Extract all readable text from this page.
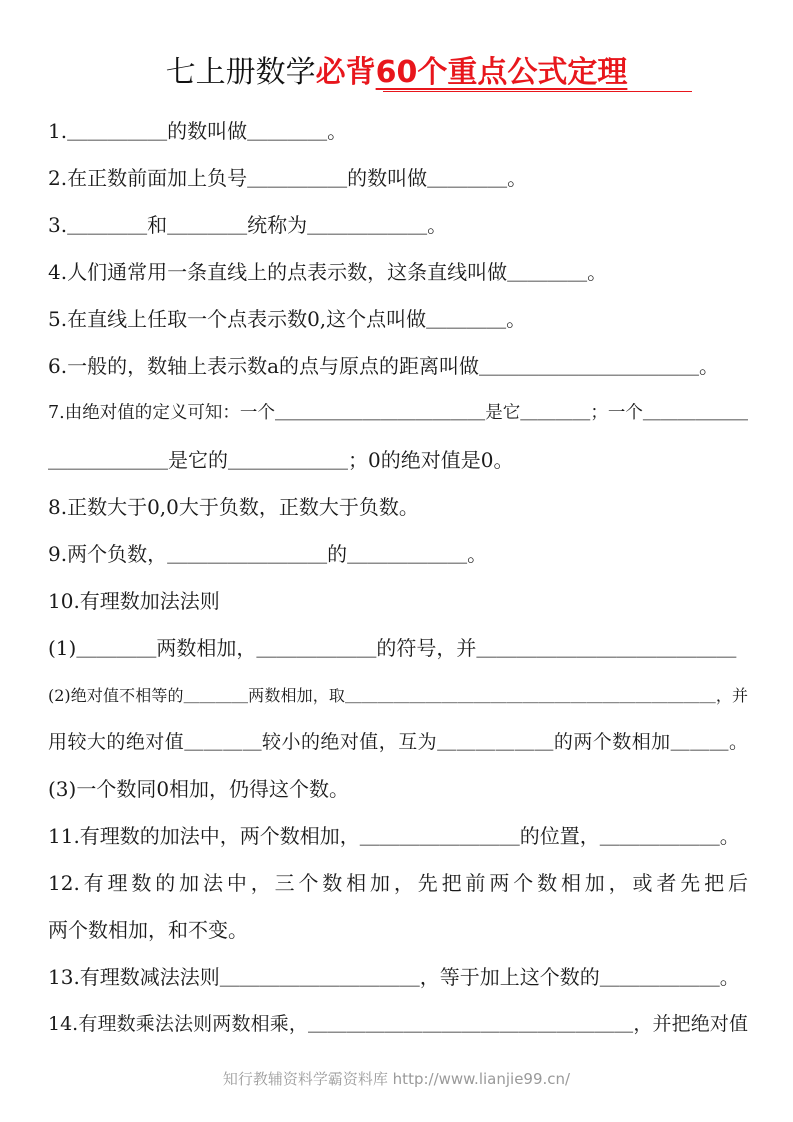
七上册数学必背60个重点公式定理
1.＿＿＿＿＿的数叫做＿＿＿＿。
2.在正数前面加上负号＿＿＿＿＿的数叫做＿＿＿＿。
3.＿＿＿＿和＿＿＿＿统称为＿＿＿＿＿＿。
4.人们通常用一条直线上的点表示数，这条直线叫做＿＿＿＿。
5.在直线上任取一个点表示数0,这个点叫做＿＿＿＿。
6.一般的，数轴上表示数a的点与原点的距离叫做＿＿＿＿＿＿＿＿＿＿＿。
7.由绝对值的定义可知：一个＿＿＿＿＿＿＿＿＿＿＿＿是它＿＿＿＿；一个＿＿＿＿＿＿
＿＿＿＿＿＿是它的＿＿＿＿＿＿；0的绝对值是0。
8.正数大于0,0大于负数，正数大于负数。
9.两个负数，＿＿＿＿＿＿＿＿的＿＿＿＿＿＿。
10.有理数加法法则
(1)＿＿＿＿两数相加，＿＿＿＿＿＿的符号，并＿＿＿＿＿＿＿＿＿＿＿＿＿
(2)绝对值不相等的＿＿＿＿两数相加，取＿＿＿＿＿＿＿＿＿＿＿＿＿＿＿＿＿＿＿＿＿＿＿，并
用较大的绝对值＿＿＿＿较小的绝对值，互为＿＿＿＿＿＿的两个数相加＿＿＿。
(3)一个数同0相加，仍得这个数。
11.有理数的加法中，两个数相加，＿＿＿＿＿＿＿＿的位置，＿＿＿＿＿＿。
12.有理数的加法中，三个数相加，先把前两个数相加，或者先把后
两个数相加，和不变。
13.有理数减法法则＿＿＿＿＿＿＿＿＿＿，等于加上这个数的＿＿＿＿＿＿。
14.有理数乘法法则两数相乘，＿＿＿＿＿＿＿＿＿＿＿＿＿＿＿＿＿，并把绝对值
知行教辅资料学霸资料库 http://www.lianjie99.cn/
